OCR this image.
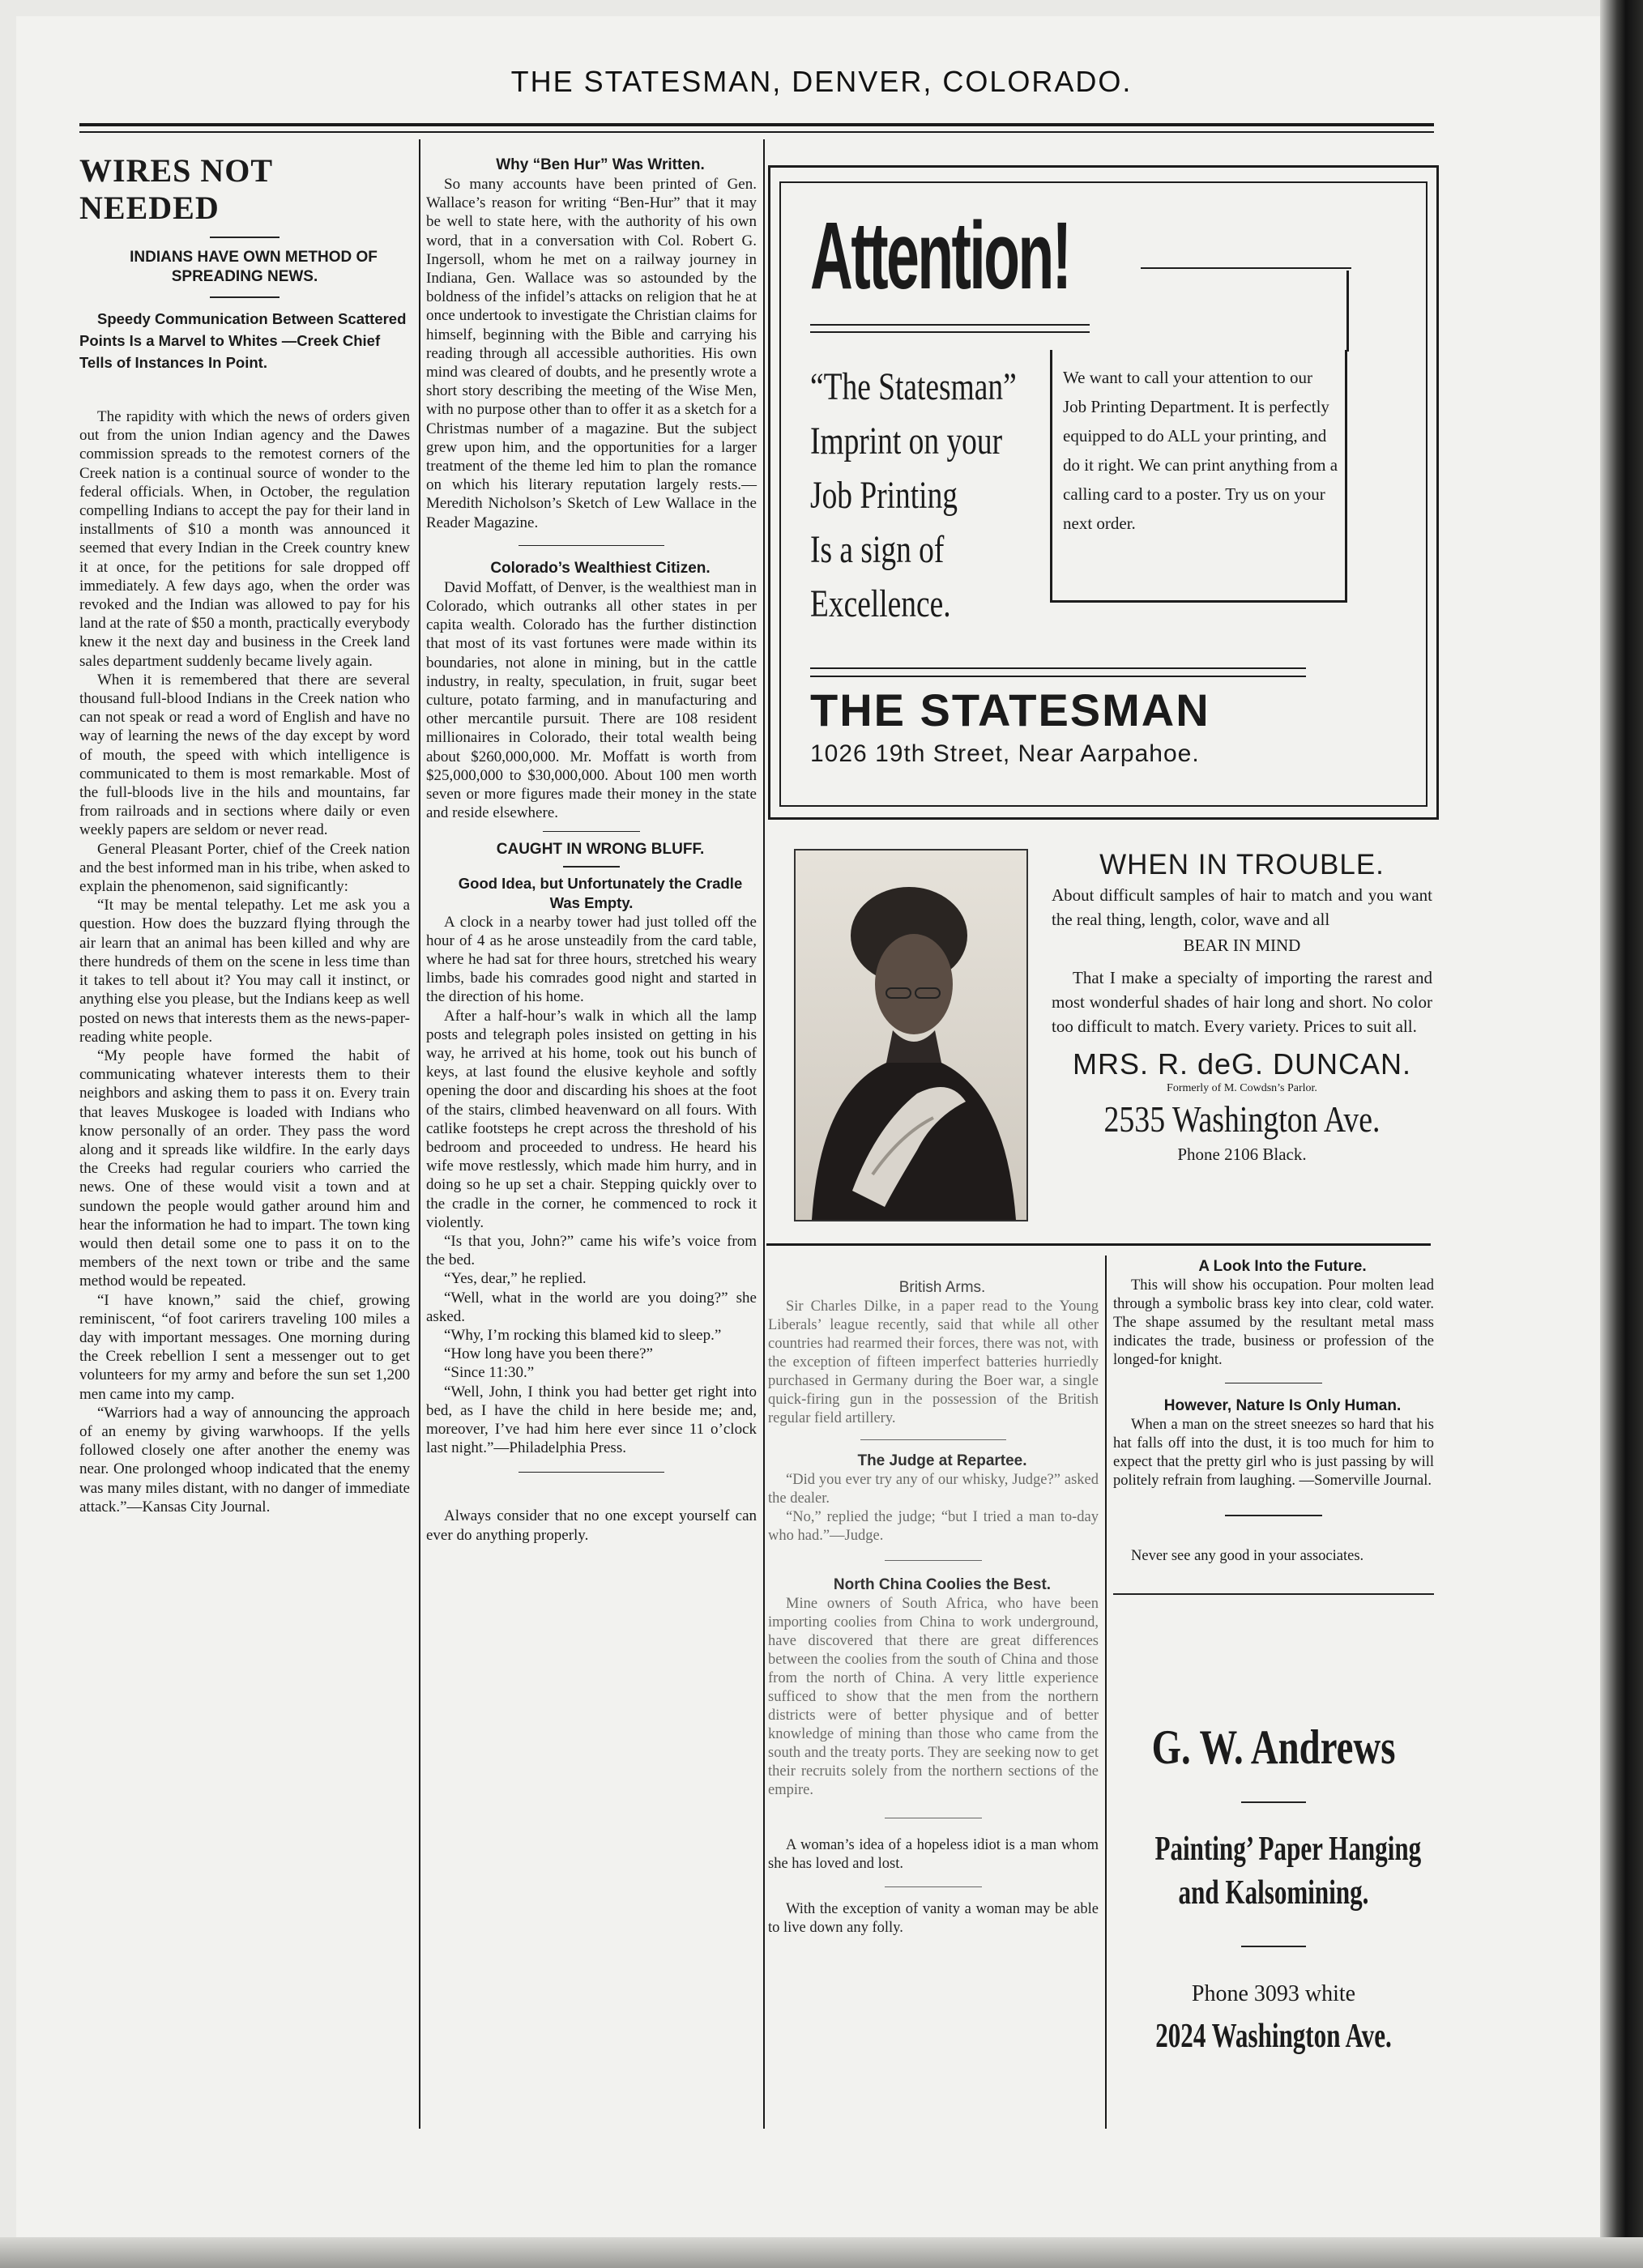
THE STATESMAN, DENVER, COLORADO.
WIRES NOT NEEDED

INDIANS HAVE OWN METHOD OF SPREADING NEWS.

Speedy Communication Between Scattered Points Is a Marvel to Whites —Creek Chief Tells of Instances In Point.

The rapidity with which the news of orders given out from the union Indian agency and the Dawes commission spreads to the remotest corners of the Creek nation is a continual source of wonder to the federal officials. When, in October, the regulation compelling Indians to accept the pay for their land in installments of $10 a month was announced it seemed that every Indian in the Creek country knew it at once, for the petitions for sale dropped off immediately. A few days ago, when the order was revoked and the Indian was allowed to pay for his land at the rate of $50 a month, practically everybody knew it the next day and business in the Creek land sales department suddenly became lively again.

When it is remembered that there are several thousand full-blood Indians in the Creek nation who can not speak or read a word of English and have no way of learning the news of the day except by word of mouth, the speed with which intelligence is communicated to them is most remarkable. Most of the full-bloods live in the hils and mountains, far from railroads and in sections where daily or even weekly papers are seldom or never read.

General Pleasant Porter, chief of the Creek nation and the best informed man in his tribe, when asked to explain the phenomenon, said significantly:

“It may be mental telepathy. Let me ask you a question. How does the buzzard flying through the air learn that an animal has been killed and why are there hundreds of them on the scene in less time than it takes to tell about it? You may call it instinct, or anything else you please, but the Indians keep as well posted on news that interests them as the news-paper-reading white people.

“My people have formed the habit of communicating whatever interests them to their neighbors and asking them to pass it on. Every train that leaves Muskogee is loaded with Indians who know personally of an order. They pass the word along and it spreads like wildfire. In the early days the Creeks had regular couriers who carried the news. One of these would visit a town and at sundown the people would gather around him and hear the information he had to impart. The town king would then detail some one to pass it on to the members of the next town or tribe and the same method would be repeated.

“I have known,” said the chief, growing reminiscent, “of foot carirers traveling 100 miles a day with important messages. One morning during the Creek rebellion I sent a messenger out to get volunteers for my army and before the sun set 1,200 men came into my camp.

“Warriors had a way of announcing the approach of an enemy by giving warwhoops. If the yells followed closely one after another the enemy was near. One prolonged whoop indicated that the enemy was many miles distant, with no danger of immediate attack.”—Kansas City Journal.

Why “Ben Hur” Was Written.

So many accounts have been printed of Gen. Wallace’s reason for writing “Ben-Hur” that it may be well to state here, with the authority of his own word, that in a conversation with Col. Robert G. Ingersoll, whom he met on a railway journey in Indiana, Gen. Wallace was so astounded by the boldness of the infidel’s attacks on religion that he at once undertook to investigate the Christian claims for himself, beginning with the Bible and carrying his reading through all accessible authorities. His own mind was cleared of doubts, and he presently wrote a short story describing the meeting of the Wise Men, with no purpose other than to offer it as a sketch for a Christmas number of a magazine. But the subject grew upon him, and the opportunities for a larger treatment of the theme led him to plan the romance on which his literary reputation largely rests.—Meredith Nicholson’s Sketch of Lew Wallace in the Reader Magazine.

Colorado’s Wealthiest Citizen.

David Moffatt, of Denver, is the wealthiest man in Colorado, which outranks all other states in per capita wealth. Colorado has the further distinction that most of its vast fortunes were made within its boundaries, not alone in mining, but in the cattle industry, in realty, speculation, in fruit, sugar beet culture, potato farming, and in manufacturing and other mercantile pursuit. There are 108 resident millionaires in Colorado, their total wealth being about $260,000,000. Mr. Moffatt is worth from $25,000,000 to $30,000,000. About 100 men worth seven or more figures made their money in the state and reside elsewhere.

CAUGHT IN WRONG BLUFF.

Good Idea, but Unfortunately the Cradle Was Empty.

A clock in a nearby tower had just tolled off the hour of 4 as he arose unsteadily from the card table, where he had sat for three hours, stretched his weary limbs, bade his comrades good night and started in the direction of his home.

After a half-hour’s walk in which all the lamp posts and telegraph poles insisted on getting in his way, he arrived at his home, took out his bunch of keys, at last found the elusive keyhole and softly opening the door and discarding his shoes at the foot of the stairs, climbed heavenward on all fours. With catlike footsteps he crept across the threshold of his bedroom and proceeded to undress. He heard his wife move restlessly, which made him hurry, and in doing so he up set a chair. Stepping quickly over to the cradle in the corner, he commenced to rock it violently.

“Is that you, John?” came his wife’s voice from the bed.

“Yes, dear,” he replied.

“Well, what in the world are you doing?” she asked.

“Why, I’m rocking this blamed kid to sleep.”

“How long have you been there?”

“Since 11:30.”

“Well, John, I think you had better get right into bed, as I have the child in here beside me; and, moreover, I’ve had him here ever since 11 o’clock last night.”—Philadelphia Press.

Always consider that no one except yourself can ever do anything properly.

Attention!
“The Statesman”
Imprint on your
Job Printing
Is a sign of
Excellence.
We want to call your attention to our Job Printing Department. It is perfectly equipped to do ALL your printing, and do it right. We can print anything from a calling card to a poster. Try us on your next order.
THE STATESMAN
1026 19th Street, Near Aarpahoe.
WHEN IN TROUBLE.
About difficult samples of hair to match and you want the real thing, length, color, wave and all
BEAR IN MIND
That I make a specialty of importing the rarest and most wonderful shades of hair long and short. No color too difficult to match. Every variety. Prices to suit all.
MRS. R. deG. DUNCAN.
Formerly of M. Cowdsn’s Parlor.
2535 Washington Ave.
Phone 2106 Black.

British Arms.

Sir Charles Dilke, in a paper read to the Young Liberals’ league recently, said that while all other countries had rearmed their forces, there was not, with the exception of fifteen imperfect batteries hurriedly purchased in Germany during the Boer war, a single quick-firing gun in the possession of the British regular field artillery.

The Judge at Repartee.

“Did you ever try any of our whisky, Judge?” asked the dealer.

“No,” replied the judge; “but I tried a man to-day who had.”—Judge.

North China Coolies the Best.

Mine owners of South Africa, who have been importing coolies from China to work underground, have discovered that there are great differences between the coolies from the south of China and those from the north of China. A very little experience sufficed to show that the men from the northern districts were of better physique and of better knowledge of mining than those who came from the south and the treaty ports. They are seeking now to get their recruits solely from the northern sections of the empire.

A woman’s idea of a hopeless idiot is a man whom she has loved and lost.

With the exception of vanity a woman may be able to live down any folly.

A Look Into the Future.

This will show his occupation. Pour molten lead through a symbolic brass key into clear, cold water. The shape assumed by the resultant metal mass indicates the trade, business or profession of the longed-for knight.

However, Nature Is Only Human.

When a man on the street sneezes so hard that his hat falls off into the dust, it is too much for him to expect that the pretty girl who is just passing by will politely refrain from laughing. —Somerville Journal.

Never see any good in your associates.

G. W. Andrews
Painting’ Paper Hanging
and Kalsomining.
Phone 3093 white
2024 Washington Ave.
